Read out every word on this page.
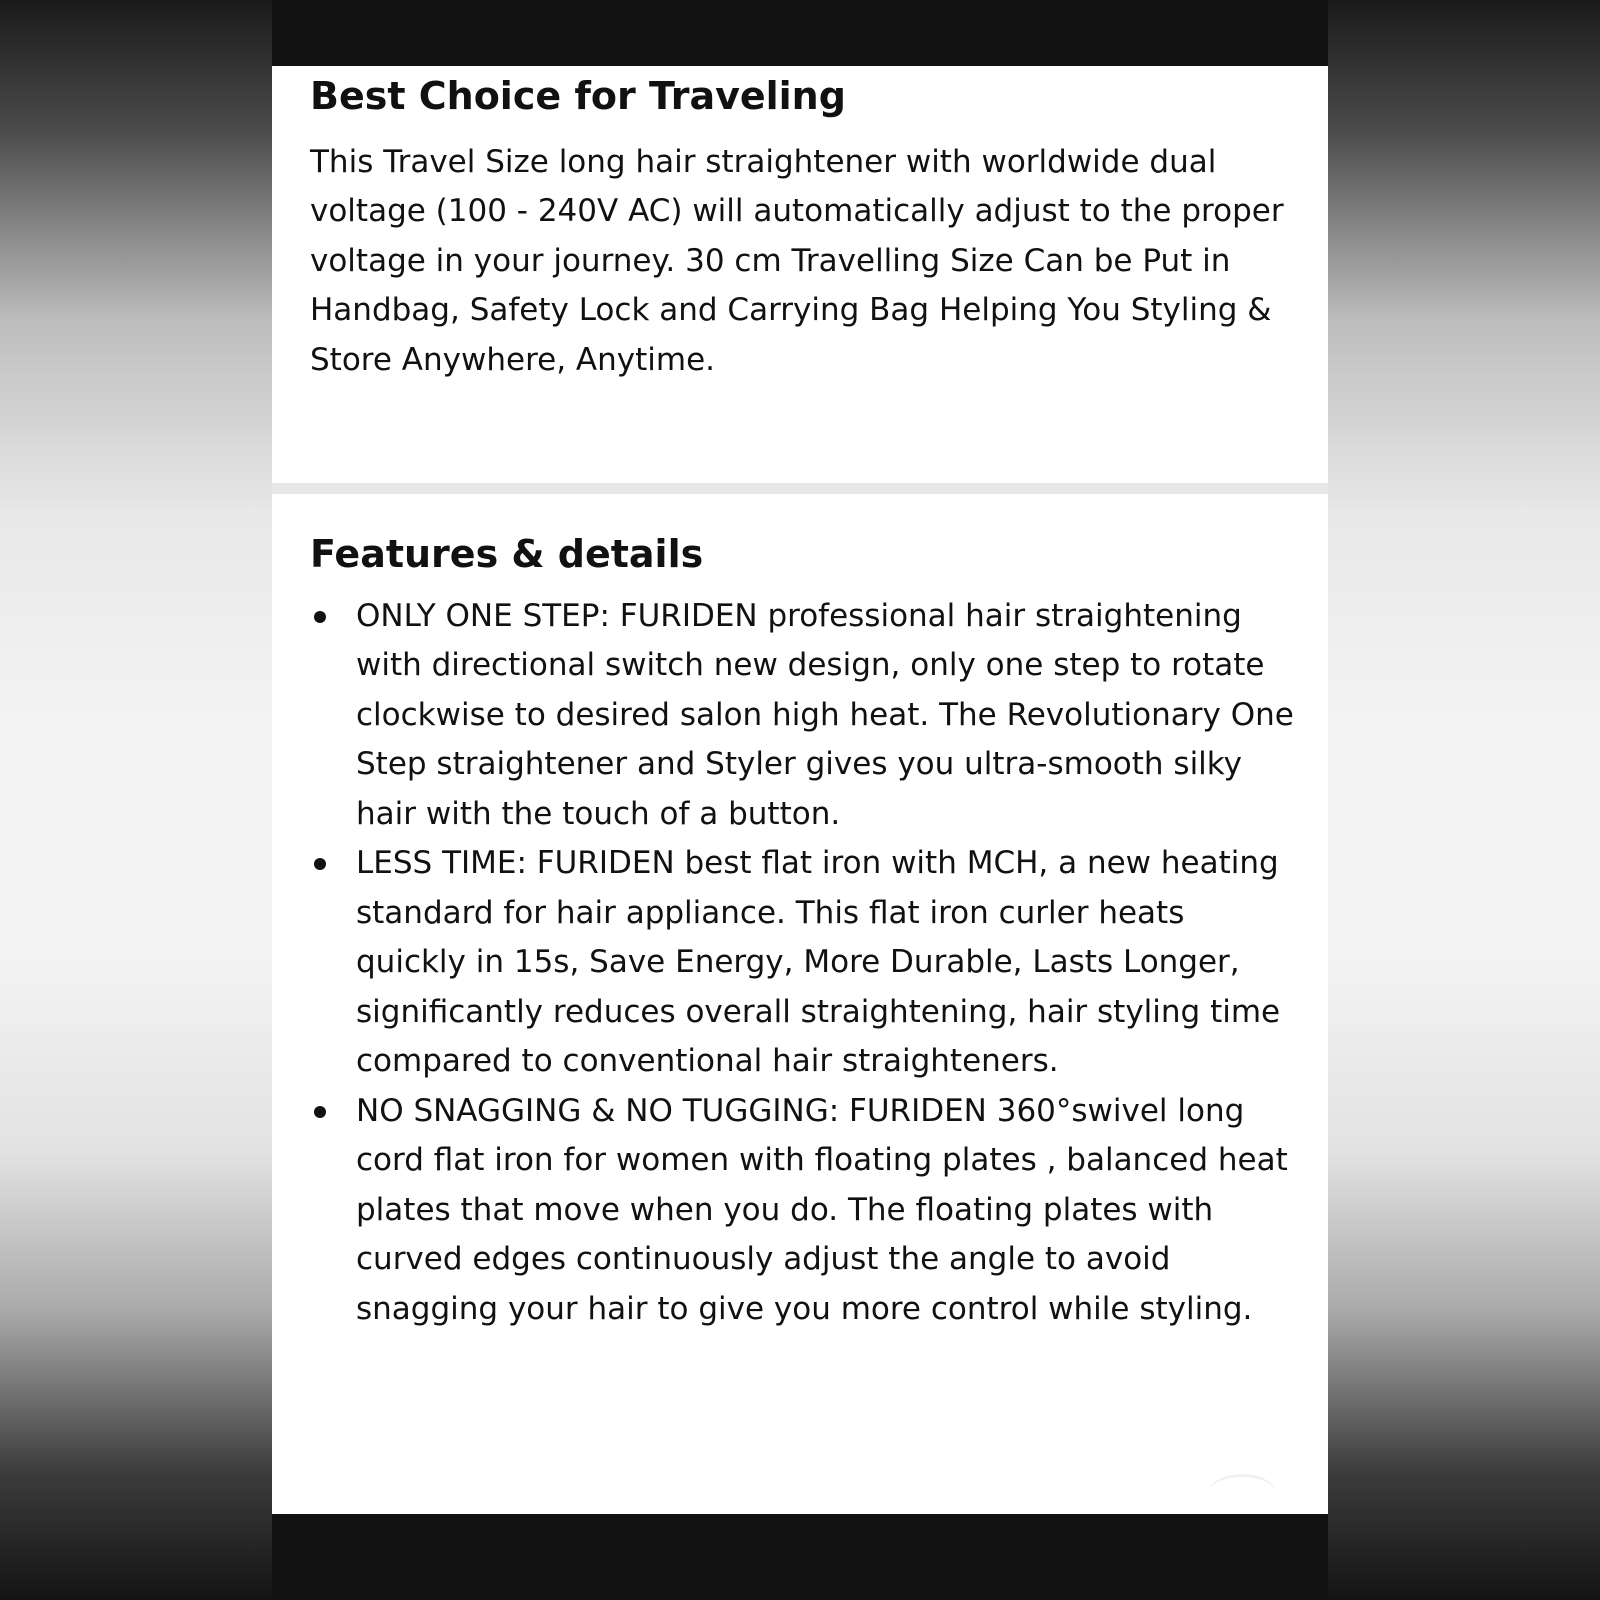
Best Choice for Traveling

This Travel Size long hair straightener with worldwide dual voltage (100 - 240V AC) will automatically adjust to the proper voltage in your journey. 30 cm Travelling Size Can be Put in Handbag, Safety Lock and Carrying Bag Helping You Styling & Store Anywhere, Anytime.

Features & details
ONLY ONE STEP: FURIDEN professional hair straightening with directional switch new design, only one step to rotate clockwise to desired salon high heat. The Revolutionary One Step straightener and Styler gives you ultra-smooth silky hair with the touch of a button.
LESS TIME: FURIDEN best flat iron with MCH, a new heating standard for hair appliance. This flat iron curler heats quickly in 15s, Save Energy, More Durable, Lasts Longer, significantly reduces overall straightening, hair styling time compared to conventional hair straighteners.
NO SNAGGING & NO TUGGING: FURIDEN 360°swivel long cord flat iron for women with floating plates , balanced heat plates that move when you do. The floating plates with curved edges continuously adjust the angle to avoid snagging your hair to give you more control while styling.
